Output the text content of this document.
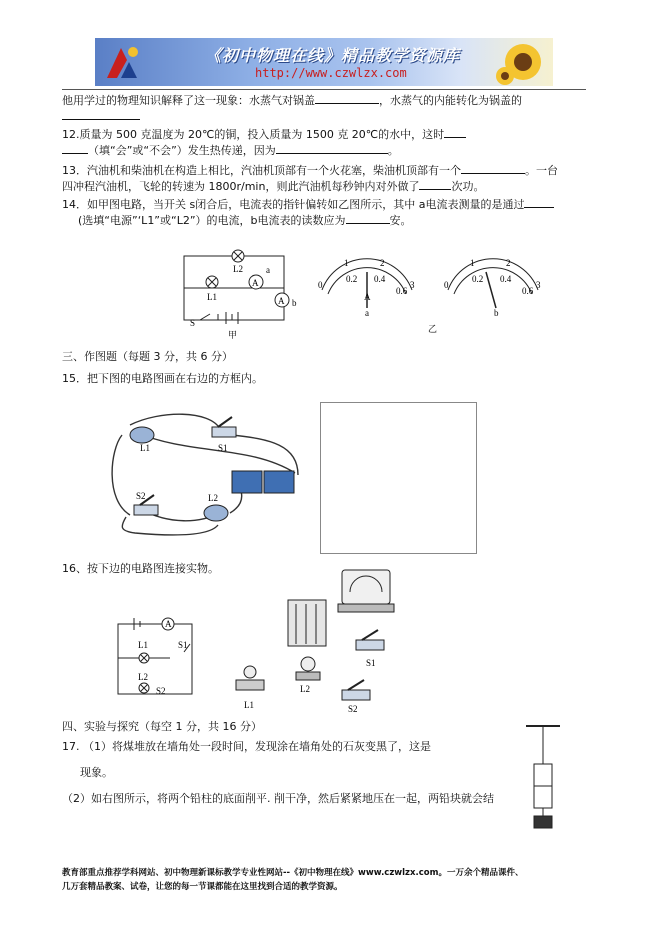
《初中物理在线》精品教学资源库
http://www.czwlzx.com
他用学过的物理知识解释了这一现象：水蒸气对锅盖	，水蒸气的内能转化为锅盖的
12.质量为 500 克温度为 20℃的铜，投入质量为 1500 克 20℃的水中，这时
（填“会”或“不会”）发生热传递，因为	。
13．汽油机和柴油机在构造上相比，汽油机顶部有一个火花塞，柴油机顶部有一个	。一台
四冲程汽油机，飞轮的转速为 1800r/min，则此汽油机每秒钟内对外做了	次功。
14．如甲图电路，当开关 s闭合后，电流表的指针偏转如乙图所示，其中 a电流表测量的是通过
(选填“电源”‘L1”或“L2”）的电流，b电流表的读数应为	安。
L2
L1
a
b
A
A
S
甲
0
1	2
3
0.2 0.4
0.6
A
a
0
1	2
3
0.2 0.4
0.6
b
乙
三、作图题（每题 3 分，共 6 分）
15．把下图的电路图画在右边的方框内。
L1	S1
S2	L2
16、按下边的电路图连接实物。
A
L1	S1
L2
S2
S1
L1
L2
S2
四、实验与探究（每空 1 分，共 16 分）
17. （1）将煤堆放在墙角处一段时间，发现涂在墙角处的石灰变黑了，这是
现象。
（2）如右图所示，将两个铅柱的底面削平. 削干净，然后紧紧地压在一起，两铅块就会结
教育部重点推荐学科网站、初中物理新课标教学专业性网站--《初中物理在线》www.czwlzx.com。一万余个精品课件、
几万套精品教案、试卷，让您的每一节课都能在这里找到合适的教学资源。
